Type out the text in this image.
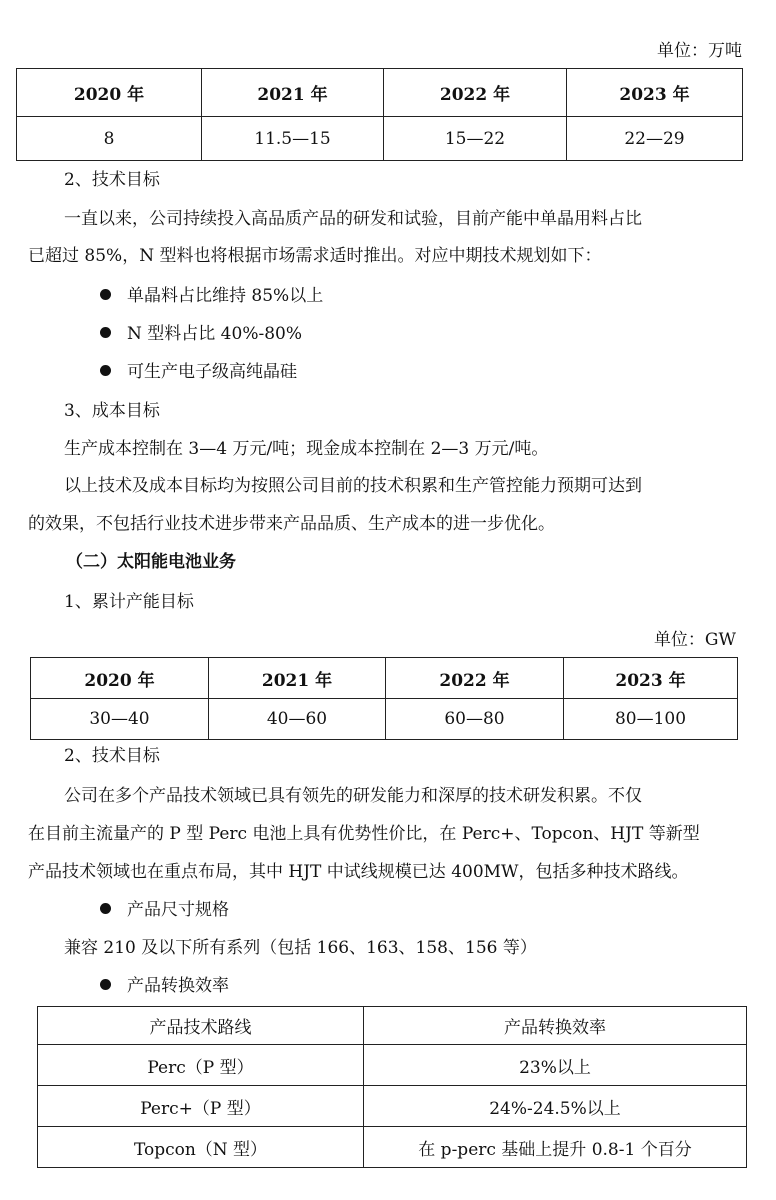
单位：万吨
2020 年	2021 年	2022 年	2023 年
8	11.5—15	15—22	22—29
2、技术目标
一直以来，公司持续投入高品质产品的研发和试验，目前产能中单晶用料占比
已超过 85%，N 型料也将根据市场需求适时推出。对应中期技术规划如下：
单晶料占比维持 85%以上
N 型料占比 40%-80%
可生产电子级高纯晶硅
3、成本目标
生产成本控制在 3—4 万元/吨；现金成本控制在 2—3 万元/吨。
以上技术及成本目标均为按照公司目前的技术积累和生产管控能力预期可达到
的效果，不包括行业技术进步带来产品品质、生产成本的进一步优化。
（二）太阳能电池业务
1、累计产能目标
单位：GW
2020 年	2021 年	2022 年	2023 年
30—40	40—60	60—80	80—100
2、技术目标
公司在多个产品技术领域已具有领先的研发能力和深厚的技术研发积累。不仅
在目前主流量产的 P 型 Perc 电池上具有优势性价比，在 Perc+、Topcon、HJT 等新型
产品技术领域也在重点布局，其中 HJT 中试线规模已达 400MW，包括多种技术路线。
产品尺寸规格
兼容 210 及以下所有系列（包括 166、163、158、156 等）
产品转换效率
产品技术路线	产品转换效率
Perc（P 型）	23%以上
Perc+（P 型）	24%-24.5%以上
Topcon（N 型）	在 p-perc 基础上提升 0.8-1 个百分
